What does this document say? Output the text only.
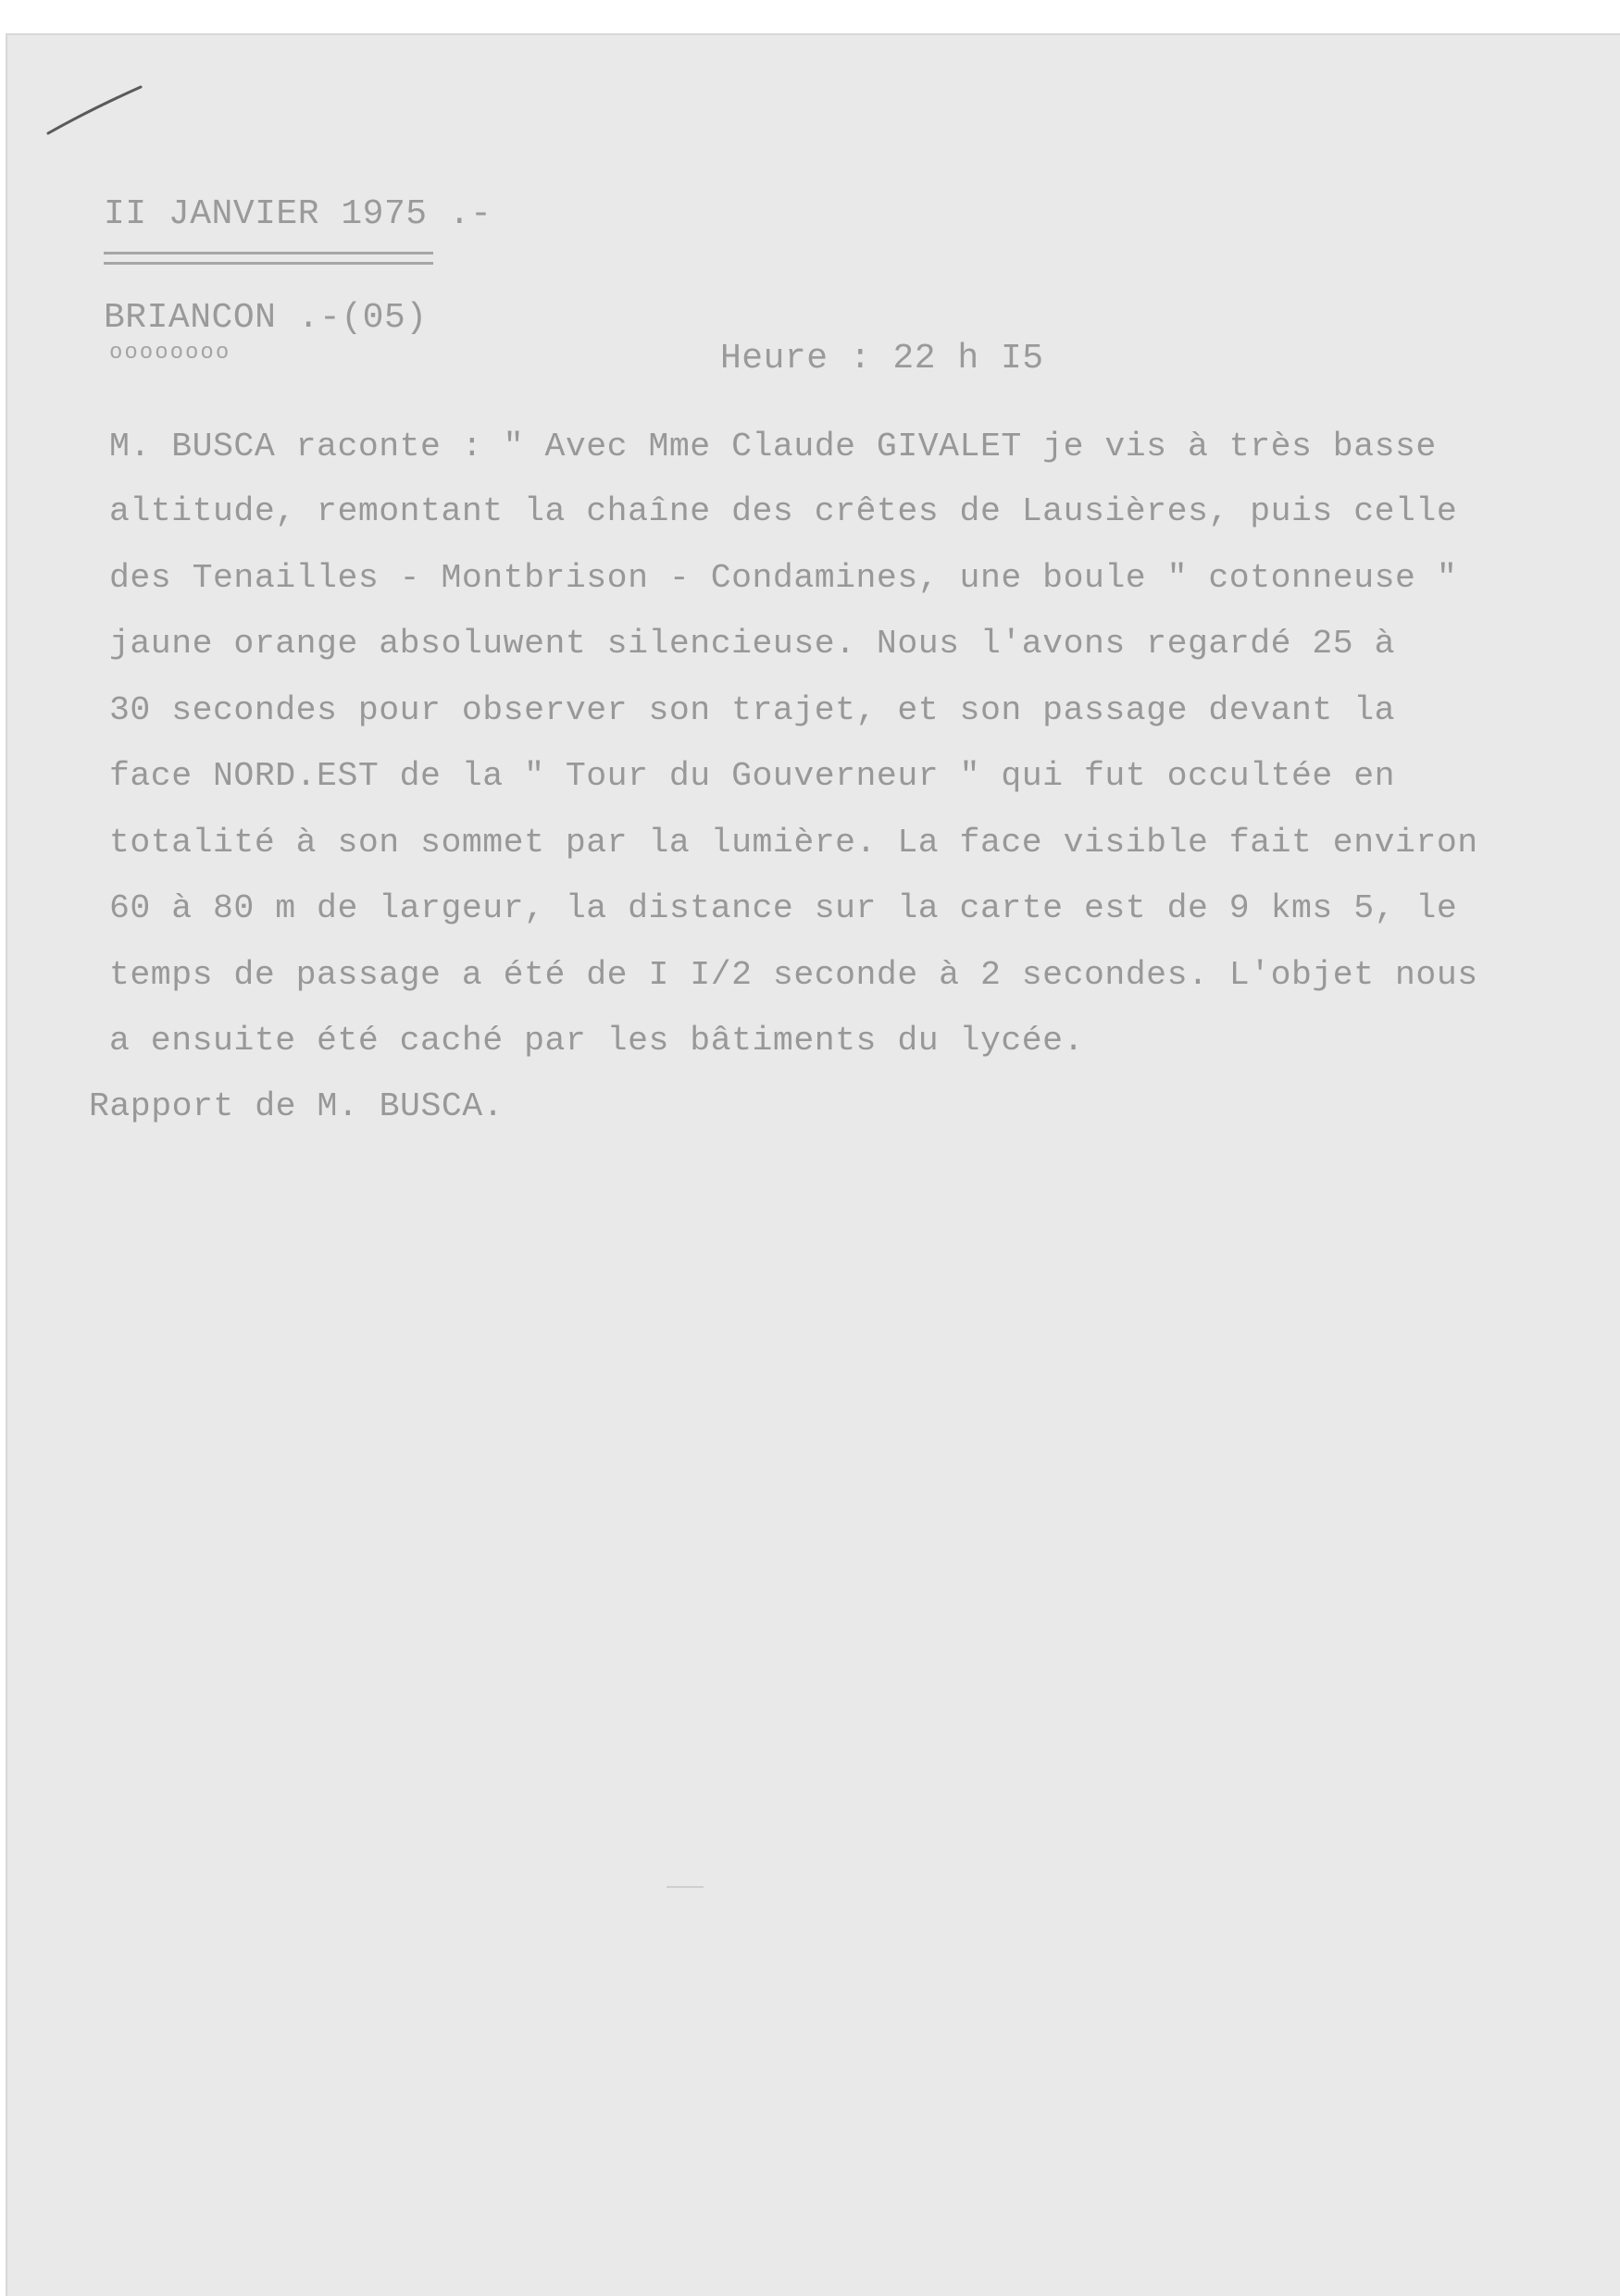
II JANVIER 1975 .-
BRIANCON .-(05)
oooooooo	Heure : 22 h I5
M. BUSCA raconte : " Avec Mme Claude GIVALET je vis à très basse
altitude, remontant la chaîne des crêtes de Lausières, puis celle
des Tenailles - Montbrison - Condamines, une boule " cotonneuse "
jaune orange absoluwent silencieuse. Nous l'avons regardé 25 à
30 secondes pour observer son trajet, et son passage devant la
face NORD.EST de la " Tour du Gouverneur " qui fut occultée en
totalité à son sommet par la lumière. La face visible fait environ
60 à 80 m de largeur, la distance sur la carte est de 9 kms 5, le
temps de passage a été de I I/2 seconde à 2 secondes. L'objet nous
a ensuite été caché par les bâtiments du lycée.
Rapport de M. BUSCA.
